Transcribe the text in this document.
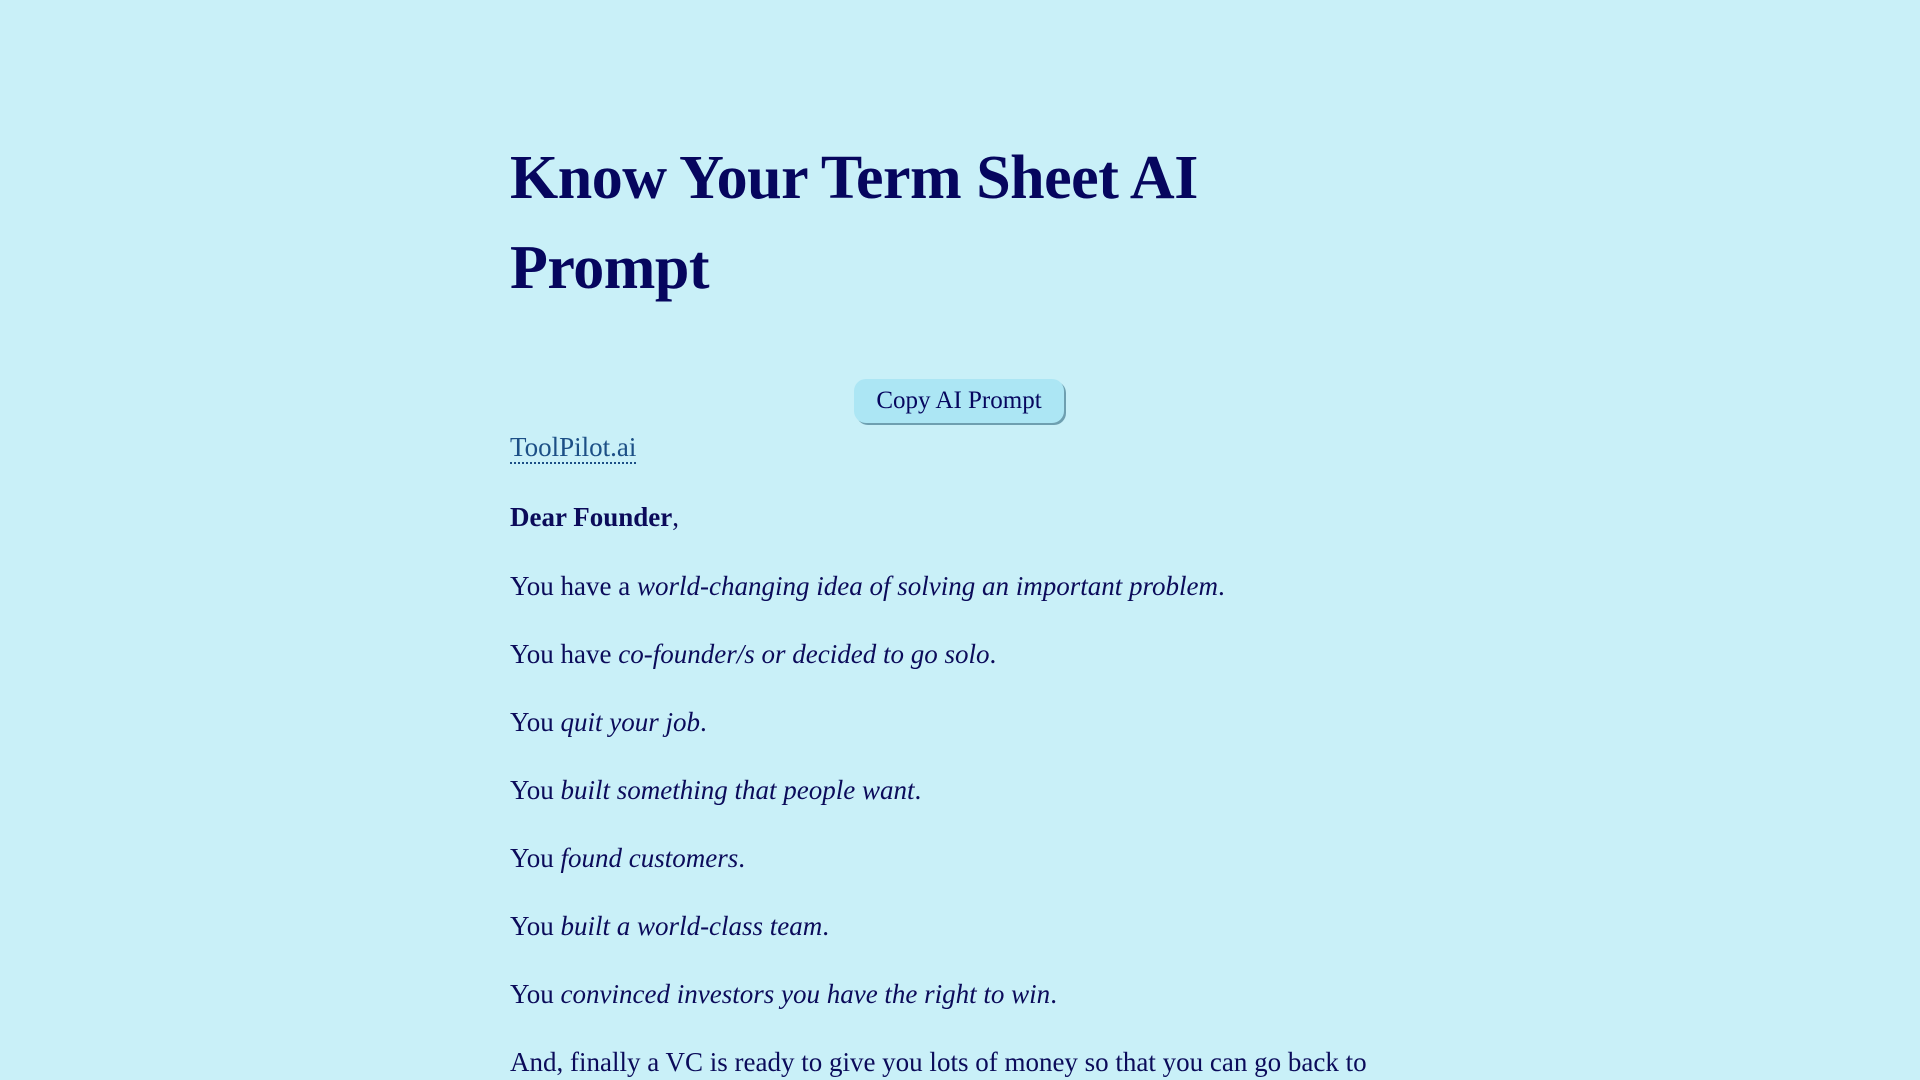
Know Your Term Sheet AI Prompt
Copy AI Prompt
ToolPilot.ai
Dear Founder,
You have a world-changing idea of solving an important problem.
You have co-founder/s or decided to go solo.
You quit your job.
You built something that people want.
You found customers.
You built a world-class team.
You convinced investors you have the right to win.
And, finally a VC is ready to give you lots of money so that you can go back to
